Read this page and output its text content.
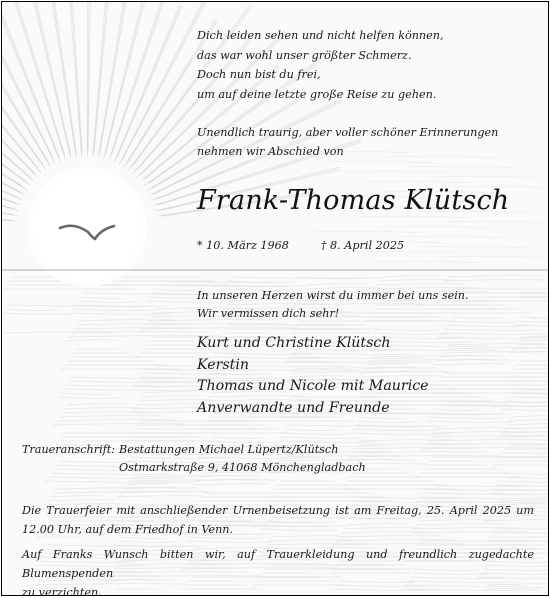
Dich leiden sehen und nicht helfen können,
das war wohl unser größter Schmerz.
Doch nun bist du frei,
um auf deine letzte große Reise zu gehen.
Unendlich traurig, aber voller schöner Erinnerungen
nehmen wir Abschied von
Frank-Thomas Klütsch
* 10. März 1968	† 8. April 2025
In unseren Herzen wirst du immer bei uns sein.
Wir vermissen dich sehr!
Kurt und Christine Klütsch
Kerstin
Thomas und Nicole mit Maurice
Anverwandte und Freunde
Traueranschrift: Bestattungen Michael Lüpertz/Klütsch
Ostmarkstraße 9, 41068 Mönchengladbach
Die Trauerfeier mit anschließender Urnenbeisetzung ist am Freitag, 25. April 2025 um
12.00 Uhr, auf dem Friedhof in Venn.
Auf Franks Wunsch bitten wir, auf Trauerkleidung und freundlich zugedachte Blumenspenden
zu verzichten.
